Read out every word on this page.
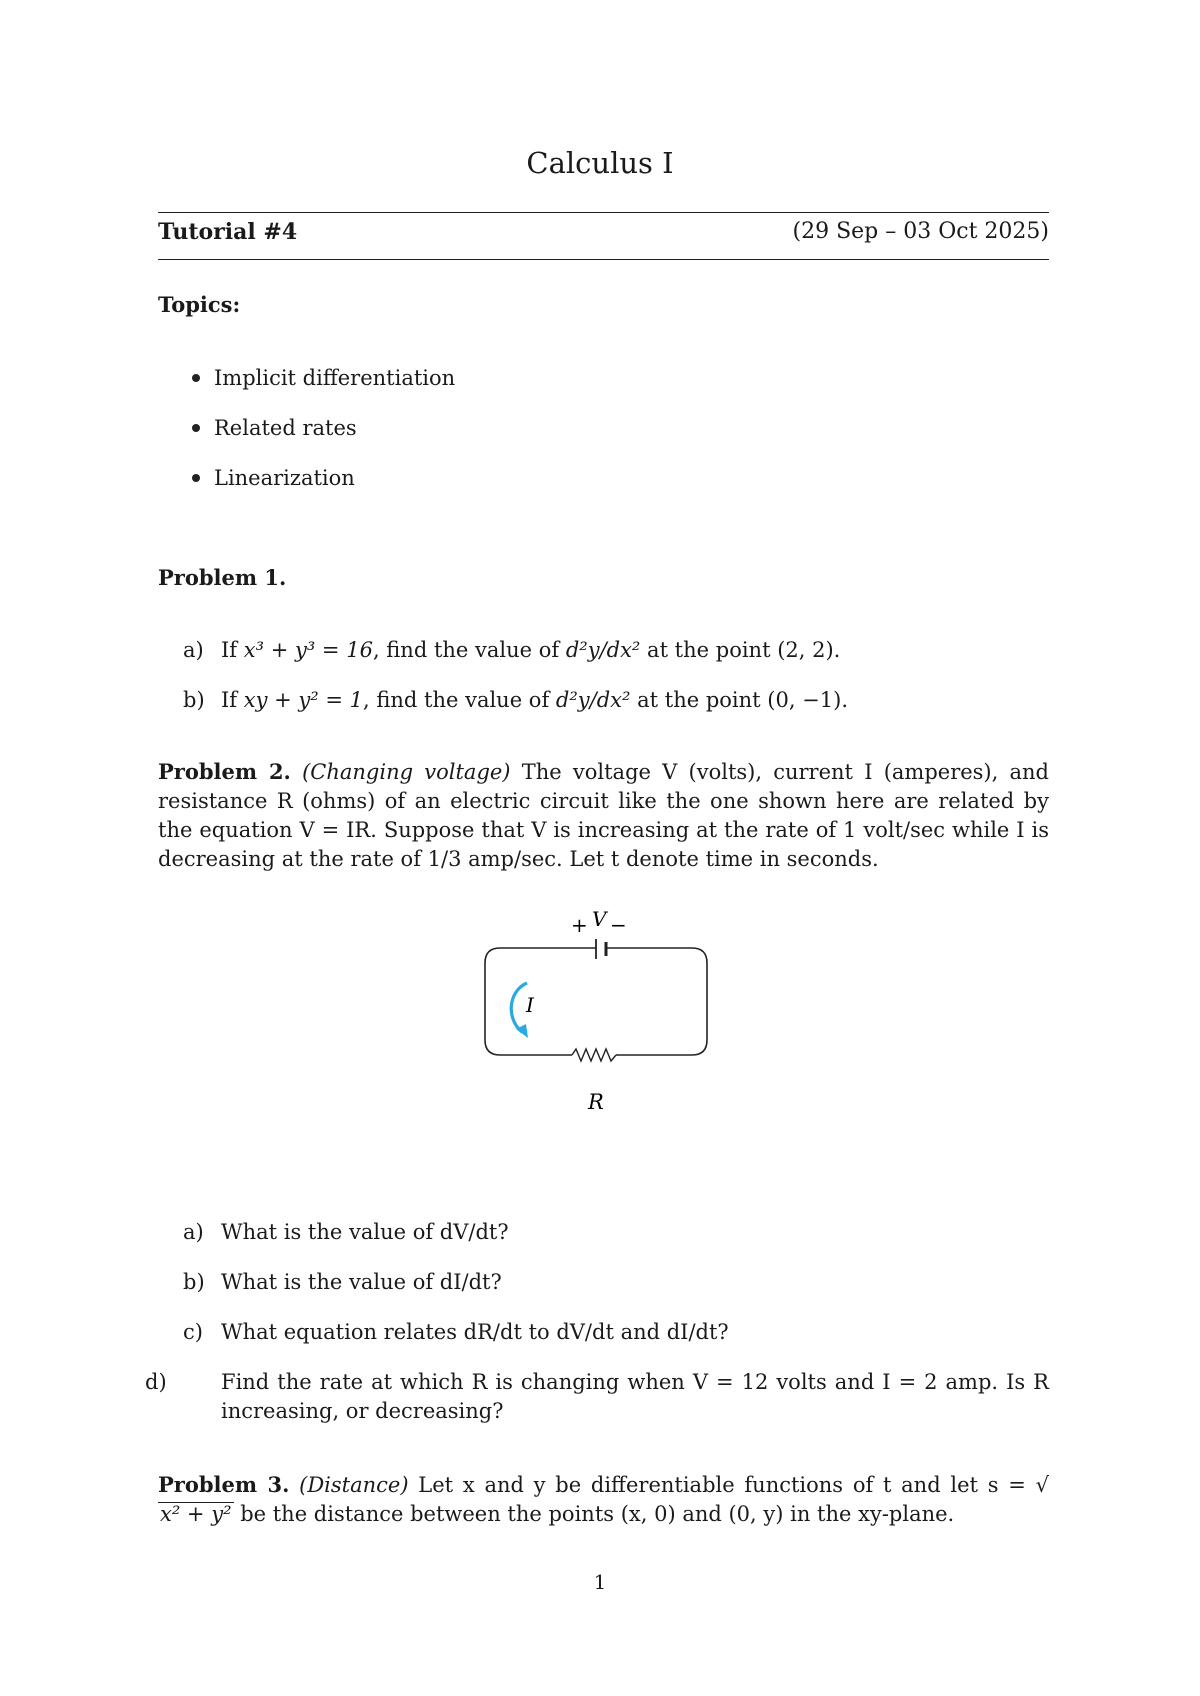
Calculus I
Tutorial #4	(29 Sep – 03 Oct 2025)
Topics:
Implicit differentiation
Related rates
Linearization
Problem 1.
a) If x³ + y³ = 16, find the value of d²y/dx² at the point (2, 2).
b) If xy + y² = 1, find the value of d²y/dx² at the point (0, −1).
Problem 2. (Changing voltage) The voltage V (volts), current I (amperes), and resistance R (ohms) of an electric circuit like the one shown here are related by the equation V = IR. Suppose that V is increasing at the rate of 1 volt/sec while I is decreasing at the rate of 1/3 amp/sec. Let t denote time in seconds.
+ V −
I
R
a) What is the value of dV/dt?
b) What is the value of dI/dt?
c) What equation relates dR/dt to dV/dt and dI/dt?
d)	Find the rate at which R is changing when V = 12 volts and I = 2 amp. Is R increasing, or decreasing?
Problem 3. (Distance) Let x and y be differentiable functions of t and let s = √x² + y² be the distance between the points (x, 0) and (0, y) in the xy-plane.
1
